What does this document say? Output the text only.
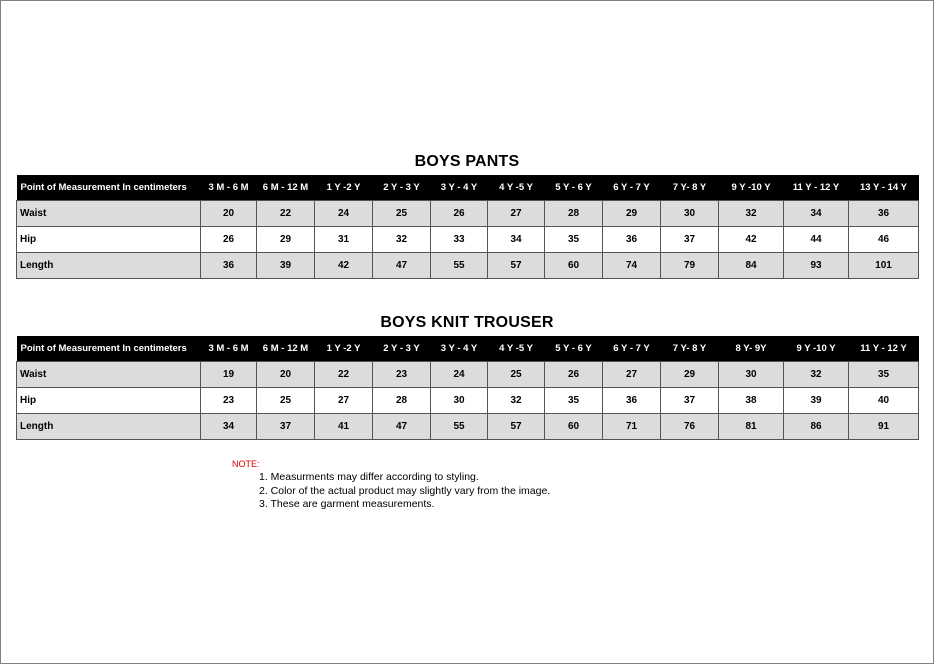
BOYS PANTS
Point of Measurement In centimeters	3 M - 6 M	6 M - 12 M	1 Y -2 Y	2 Y - 3 Y	3 Y - 4 Y	4 Y -5 Y	5 Y - 6 Y	6 Y - 7 Y	7 Y- 8 Y	9 Y -10 Y	11 Y - 12 Y	13 Y - 14 Y
Waist	20	22	24	25	26	27	28	29	30	32	34	36
Hip	26	29	31	32	33	34	35	36	37	42	44	46
Length	36	39	42	47	55	57	60	74	79	84	93	101
BOYS KNIT TROUSER
Point of Measurement In centimeters	3 M - 6 M	6 M - 12 M	1 Y -2 Y	2 Y - 3 Y	3 Y - 4 Y	4 Y -5 Y	5 Y - 6 Y	6 Y - 7 Y	7 Y- 8 Y	8 Y- 9Y	9 Y -10 Y	11 Y - 12 Y
Waist	19	20	22	23	24	25	26	27	29	30	32	35
Hip	23	25	27	28	30	32	35	36	37	38	39	40
Length	34	37	41	47	55	57	60	71	76	81	86	91
NOTE:
1. Measurments may differ according to styling.
2. Color of the actual product may slightly vary from the image.
3. These are garment measurements.
